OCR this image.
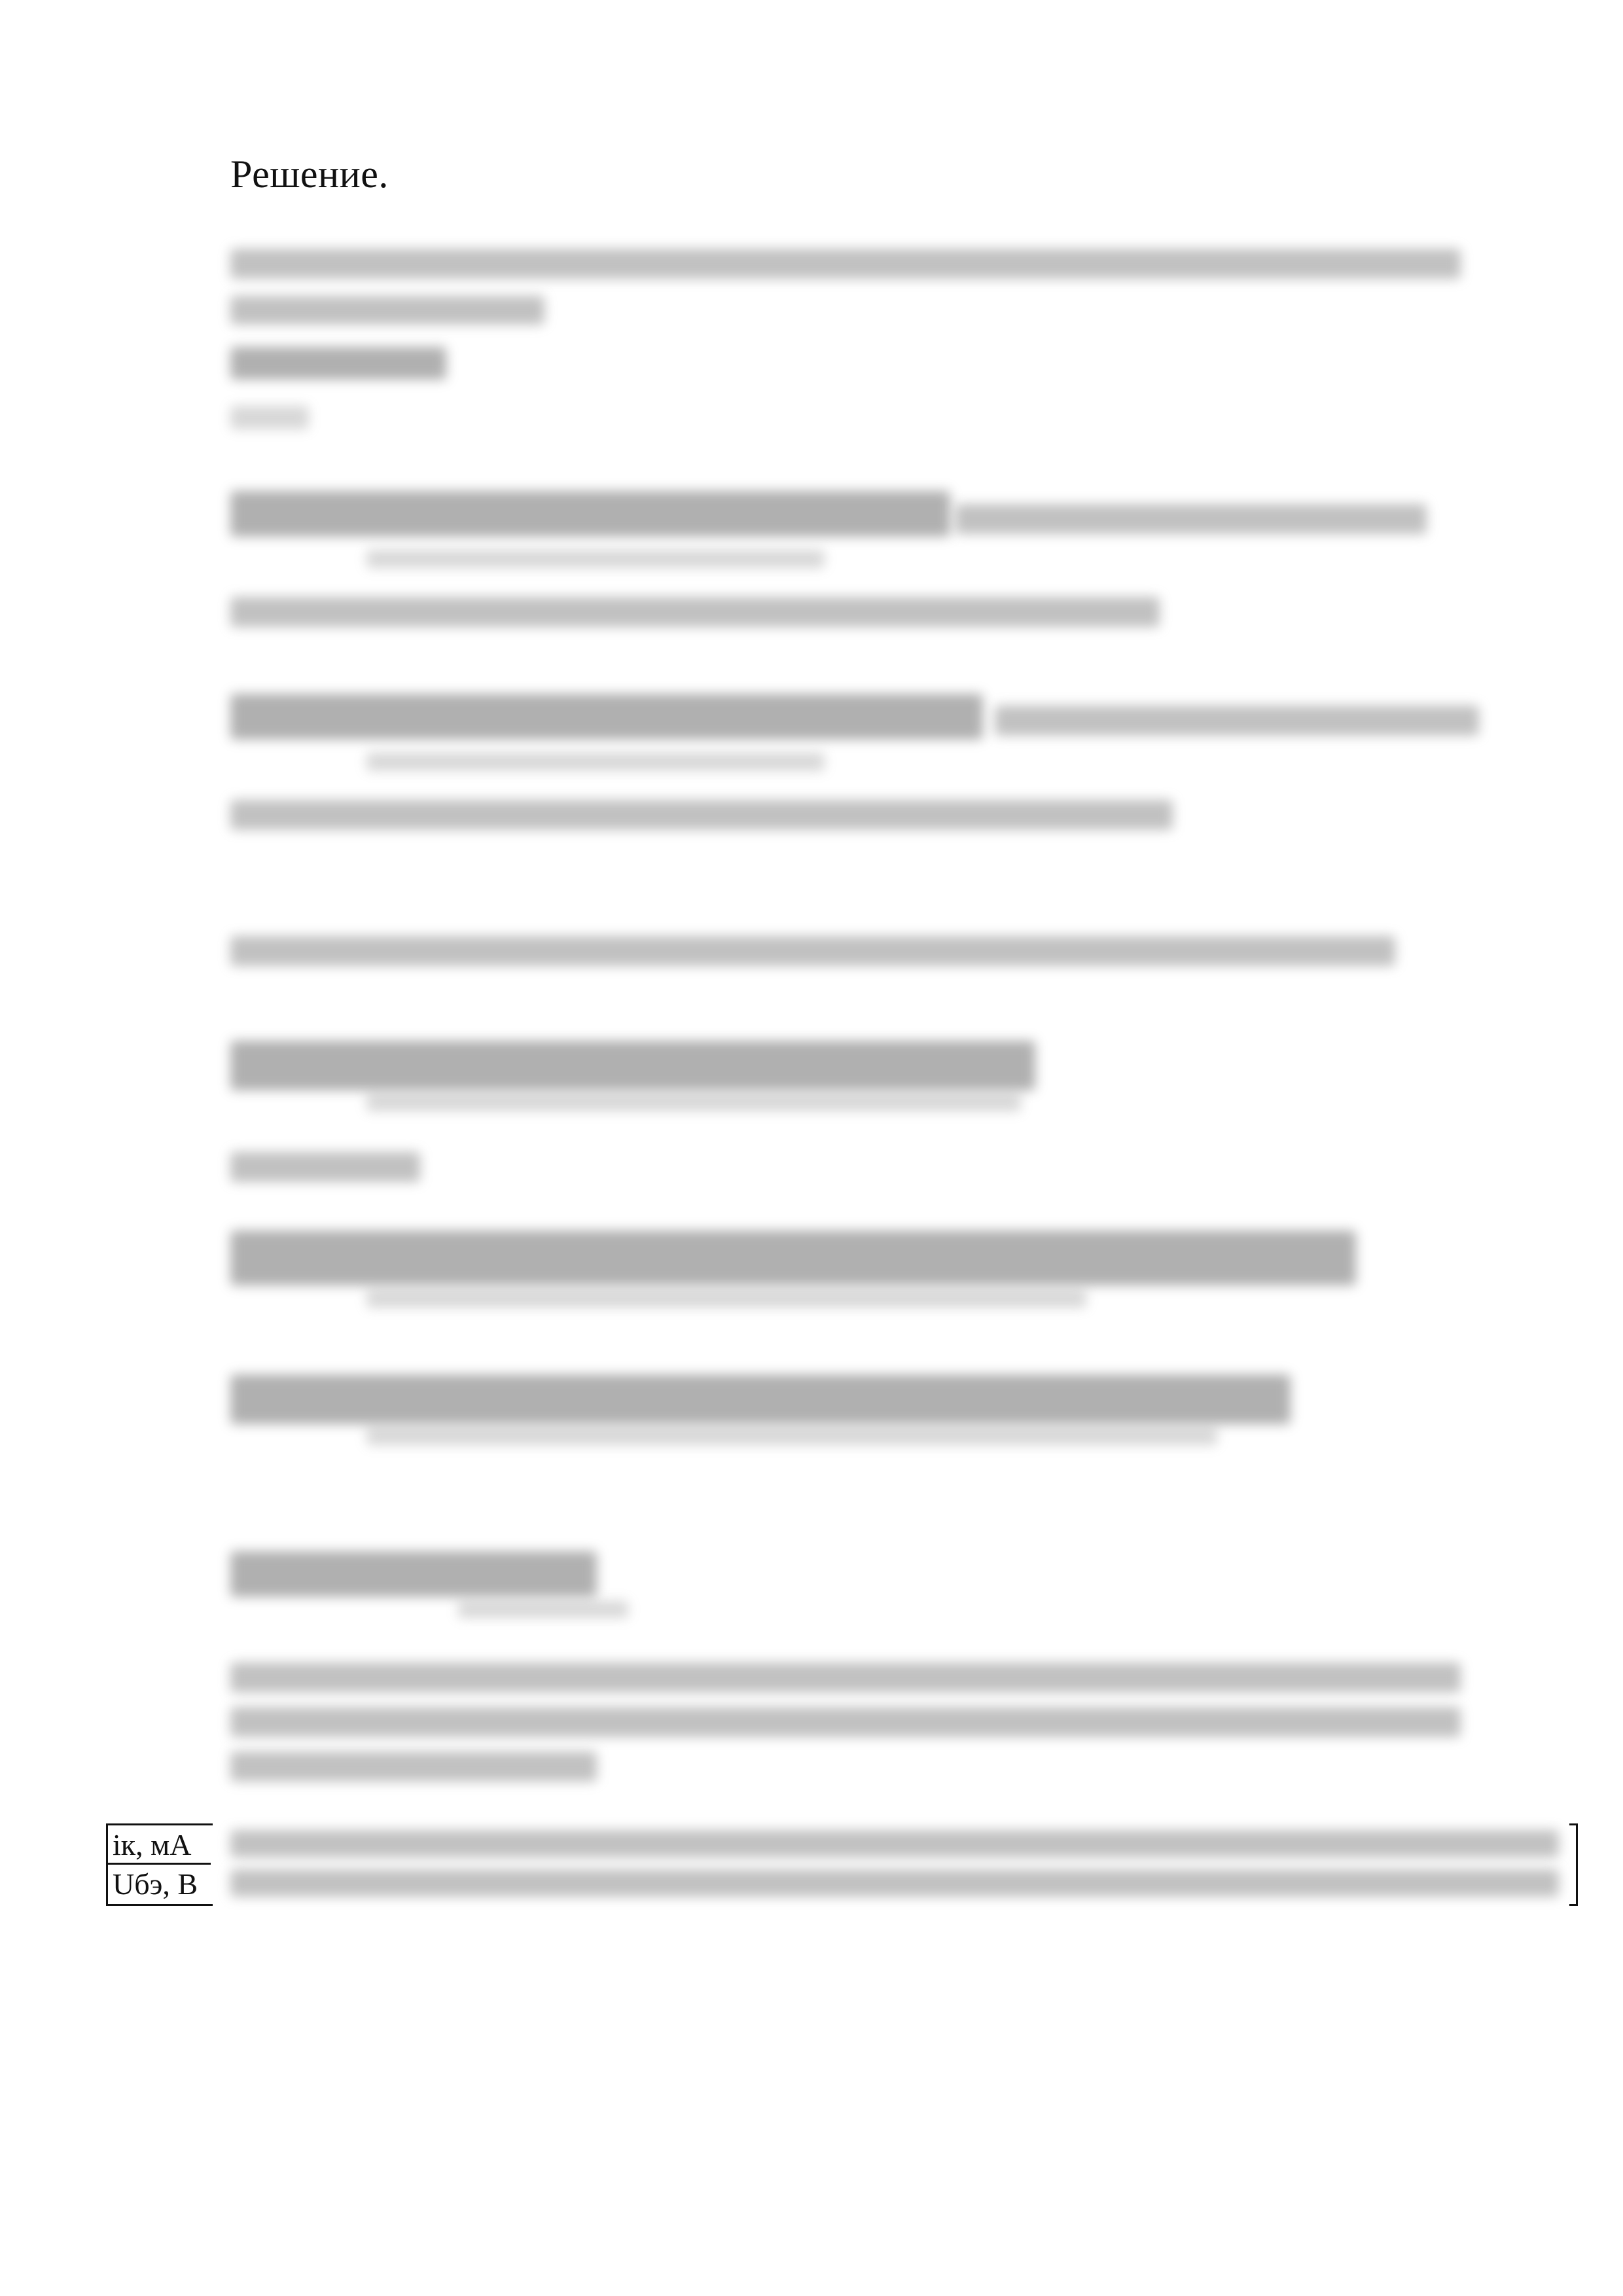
Решение.
iк, мА
Uбэ, В
